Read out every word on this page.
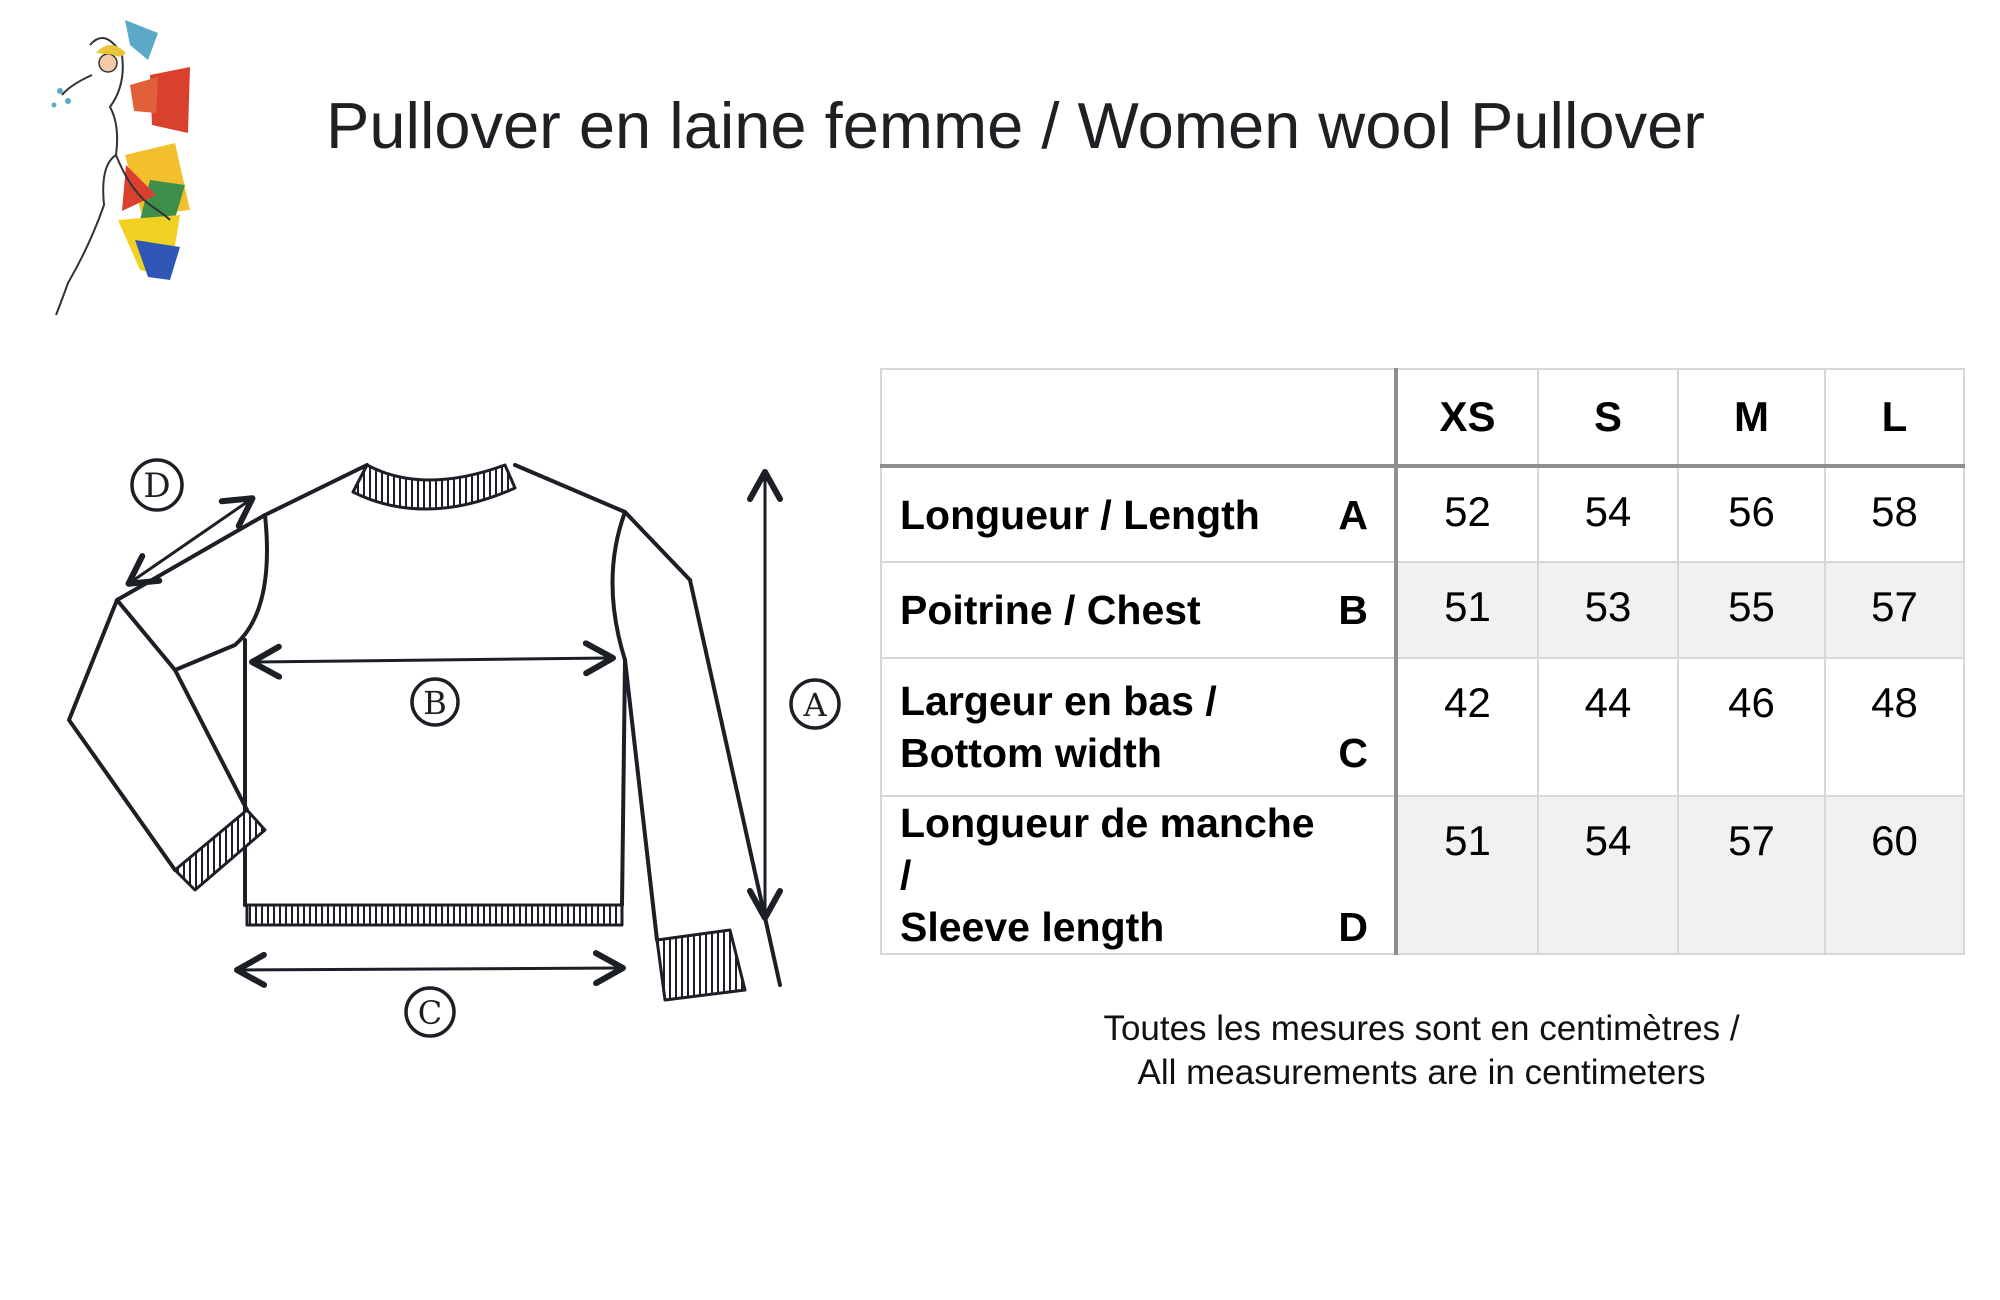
Pullover en laine femme / Women wool Pullover
D
B
C
A
	XS	S	M	L

Longueur / Length A	52	54	56	58

Poitrine / Chest B	51	53	55	57

Largeur en bas /
Bottom width C	42	44	46	48

Longueur de manche /
Sleeve length D	51	54	57	60

Toutes les mesures sont en centimètres /
All measurements are in centimeters
